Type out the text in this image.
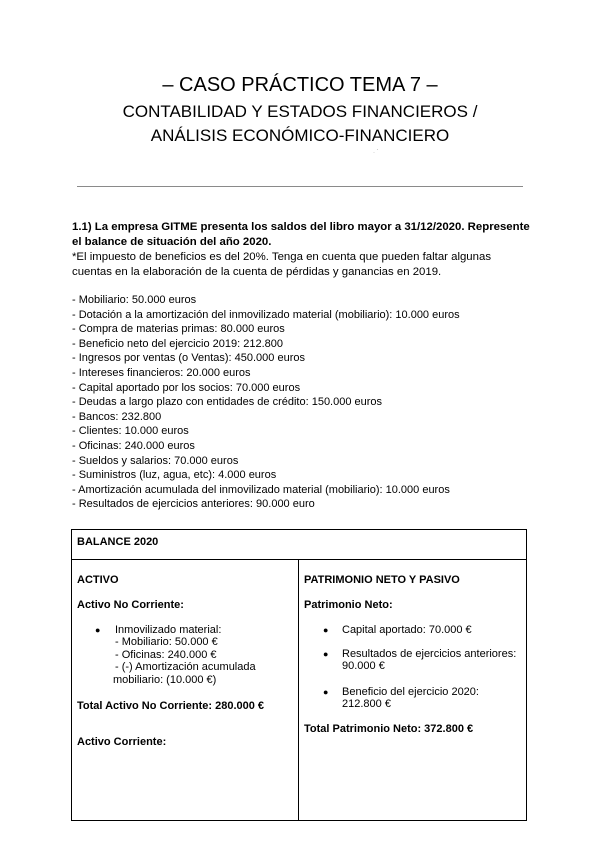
– CASO PRÁCTICO TEMA 7 –
CONTABILIDAD Y ESTADOS FINANCIEROS /
ANÁLISIS ECONÓMICO-FINANCIERO
· ´
1.1) La empresa GITME presenta los saldos del libro mayor a 31/12/2020. Represente el balance de situación del año 2020.
*El impuesto de beneficios es del 20%. Tenga en cuenta que pueden faltar algunas cuentas en la elaboración de la cuenta de pérdidas y ganancias en 2019.
- Mobiliario: 50.000 euros
- Dotación a la amortización del inmovilizado material (mobiliario): 10.000 euros
- Compra de materias primas: 80.000 euros
- Beneficio neto del ejercicio 2019: 212.800
- Ingresos por ventas (o Ventas): 450.000 euros
- Intereses financieros: 20.000 euros
- Capital aportado por los socios: 70.000 euros
- Deudas a largo plazo con entidades de crédito: 150.000 euros
- Bancos: 232.800
- Clientes: 10.000 euros
- Oficinas: 240.000 euros
- Sueldos y salarios: 70.000 euros
- Suministros (luz, agua, etc): 4.000 euros
- Amortización acumulada del inmovilizado material (mobiliario): 10.000 euros
- Resultados de ejercicios anteriores: 90.000 euro
BALANCE 2020

ACTIVO
Activo No Corriente:
● Inmovilizado material:
- Mobiliario: 50.000 €
- Oficinas: 240.000 €
- (-) Amortización acumulada
mobiliario: (10.000 €)
Total Activo No Corriente: 280.000 €
Activo Corriente:

PATRIMONIO NETO Y PASIVO
Patrimonio Neto:
● Capital aportado: 70.000 €
● Resultados de ejercicios anteriores:
90.000 €
● Beneficio del ejercicio 2020:
212.800 €
Total Patrimonio Neto: 372.800 €
